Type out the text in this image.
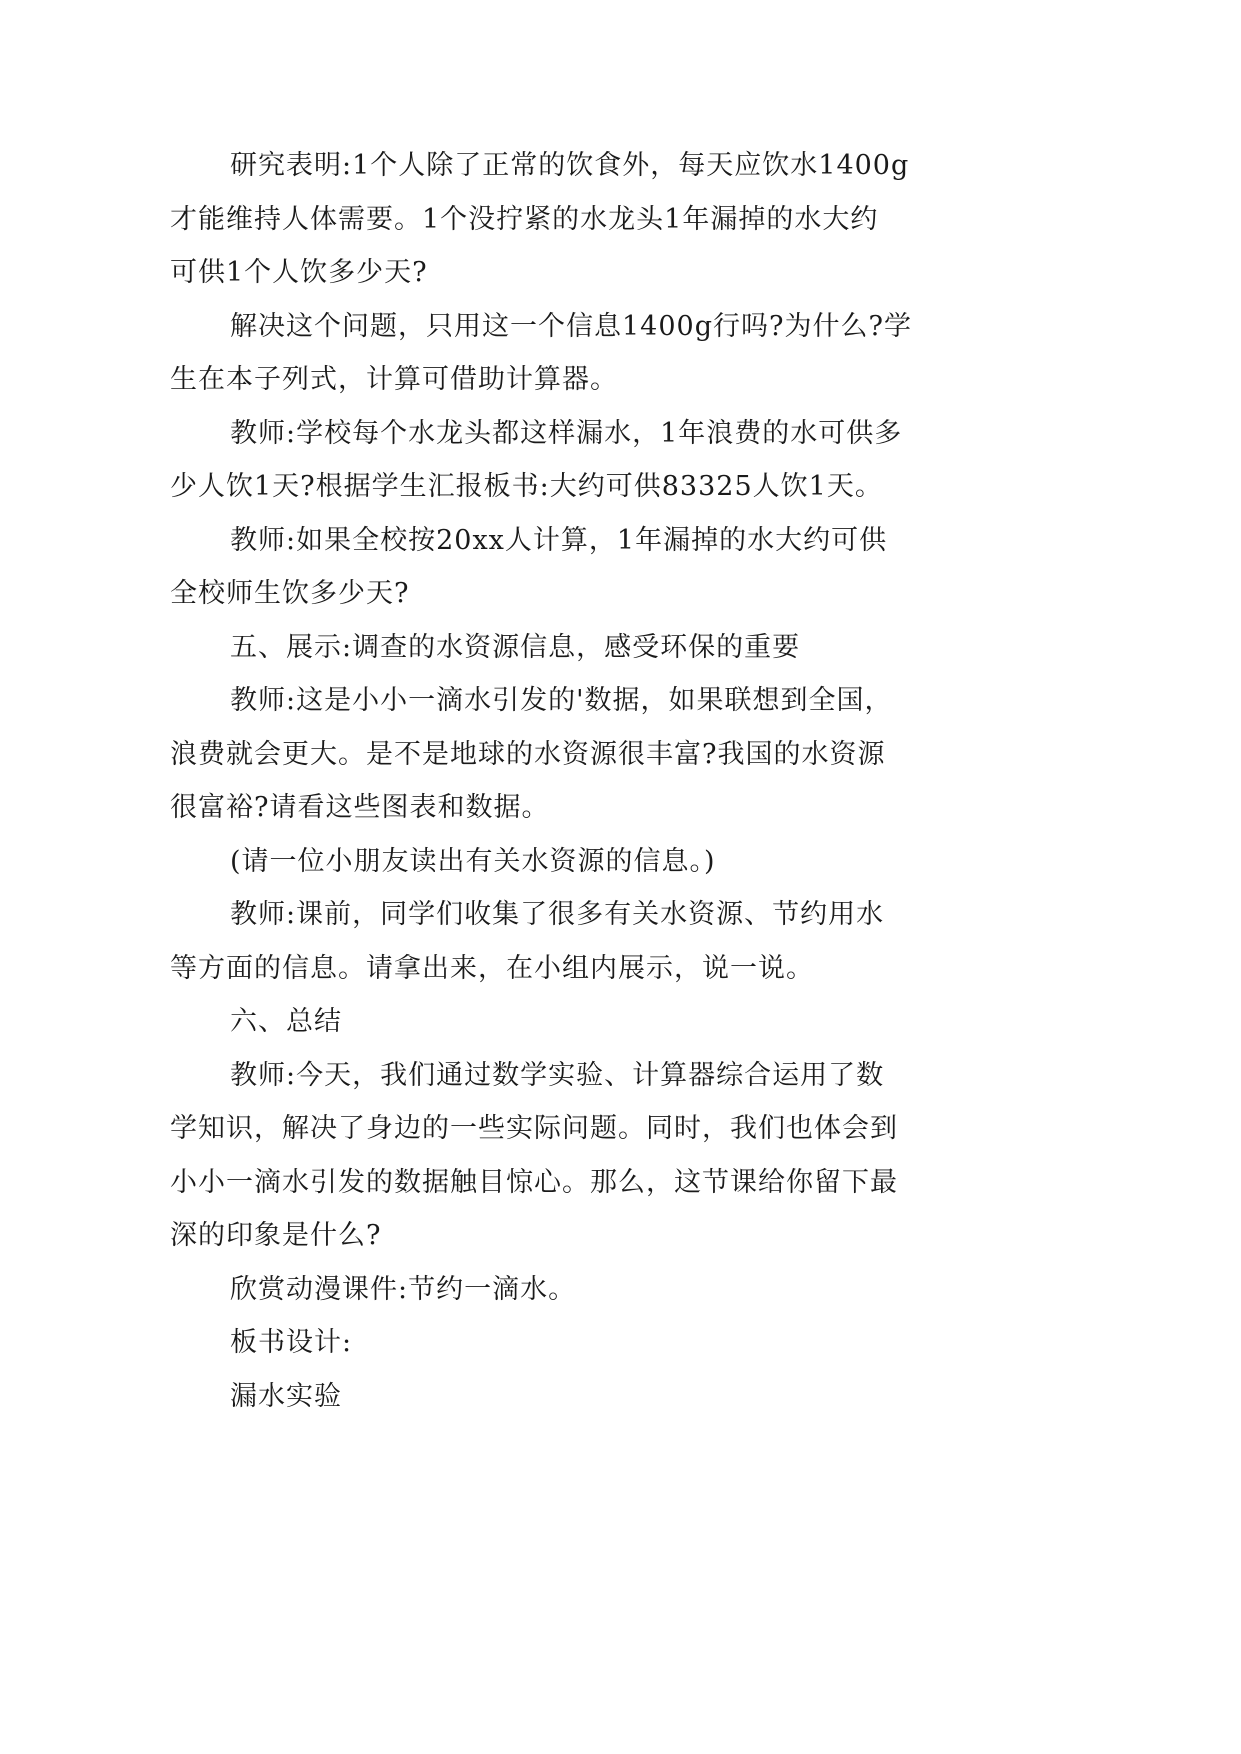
研究表明:1个人除了正常的饮食外，每天应饮水1400g
才能维持人体需要。1个没拧紧的水龙头1年漏掉的水大约
可供1个人饮多少天?

解决这个问题，只用这一个信息1400g行吗?为什么?学
生在本子列式，计算可借助计算器。

教师:学校每个水龙头都这样漏水，1年浪费的水可供多
少人饮1天?根据学生汇报板书:大约可供83325人饮1天。

教师:如果全校按20xx人计算，1年漏掉的水大约可供
全校师生饮多少天?

五、展示:调查的水资源信息，感受环保的重要

教师:这是小小一滴水引发的'数据，如果联想到全国，
浪费就会更大。是不是地球的水资源很丰富?我国的水资源
很富裕?请看这些图表和数据。

(请一位小朋友读出有关水资源的信息。)

教师:课前，同学们收集了很多有关水资源、节约用水
等方面的信息。请拿出来，在小组内展示，说一说。

六、总结

教师:今天，我们通过数学实验、计算器综合运用了数
学知识，解决了身边的一些实际问题。同时，我们也体会到
小小一滴水引发的数据触目惊心。那么，这节课给你留下最
深的印象是什么?

欣赏动漫课件:节约一滴水。

板书设计:

漏水实验
